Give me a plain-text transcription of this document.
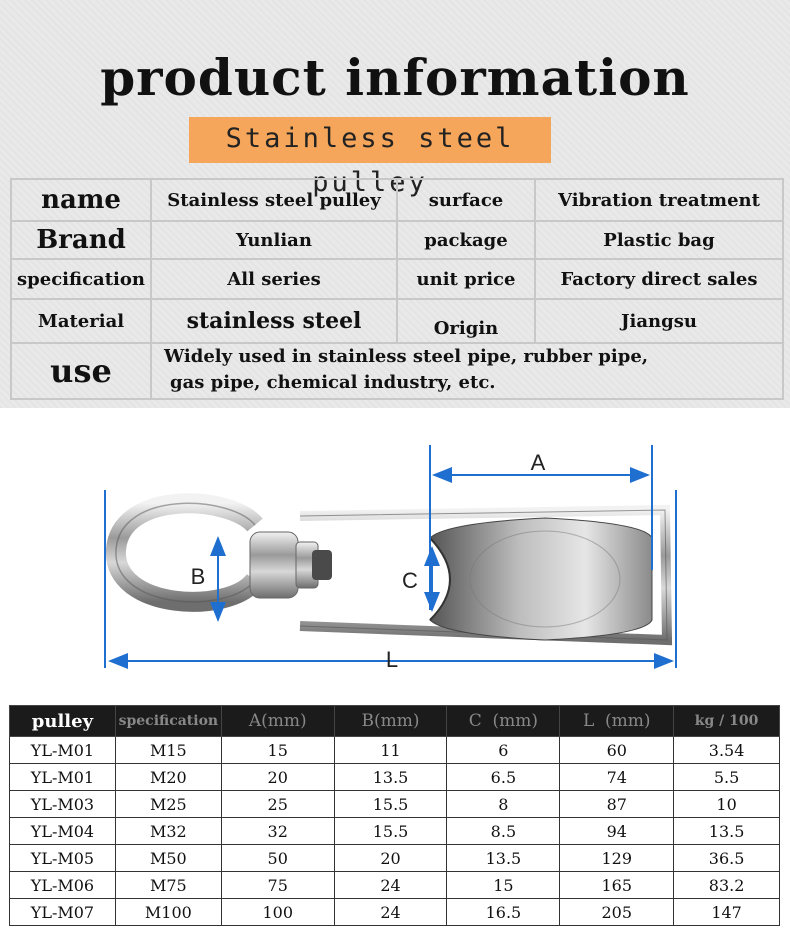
product information
Stainless steel pulley
name	Stainless steel pulley	surface	Vibration treatment
Brand	Yunlian	package	Plastic bag
specification	All series	unit price	Factory direct sales
Material	stainless steel	Origin	Jiangsu
use	Widely used in stainless steel pipe, rubber pipe,
gas pipe, chemical industry, etc.
A
B	C
L
pulley	specification	A(mm)	B(mm)	C  (mm)	L  (mm)	kg / 100
YL-M01	M15	15	11	6	60	3.54
YL-M01	M20	20	13.5	6.5	74	5.5
YL-M03	M25	25	15.5	8	87	10
YL-M04	M32	32	15.5	8.5	94	13.5
YL-M05	M50	50	20	13.5	129	36.5
YL-M06	M75	75	24	15	165	83.2
YL-M07	M100	100	24	16.5	205	147
